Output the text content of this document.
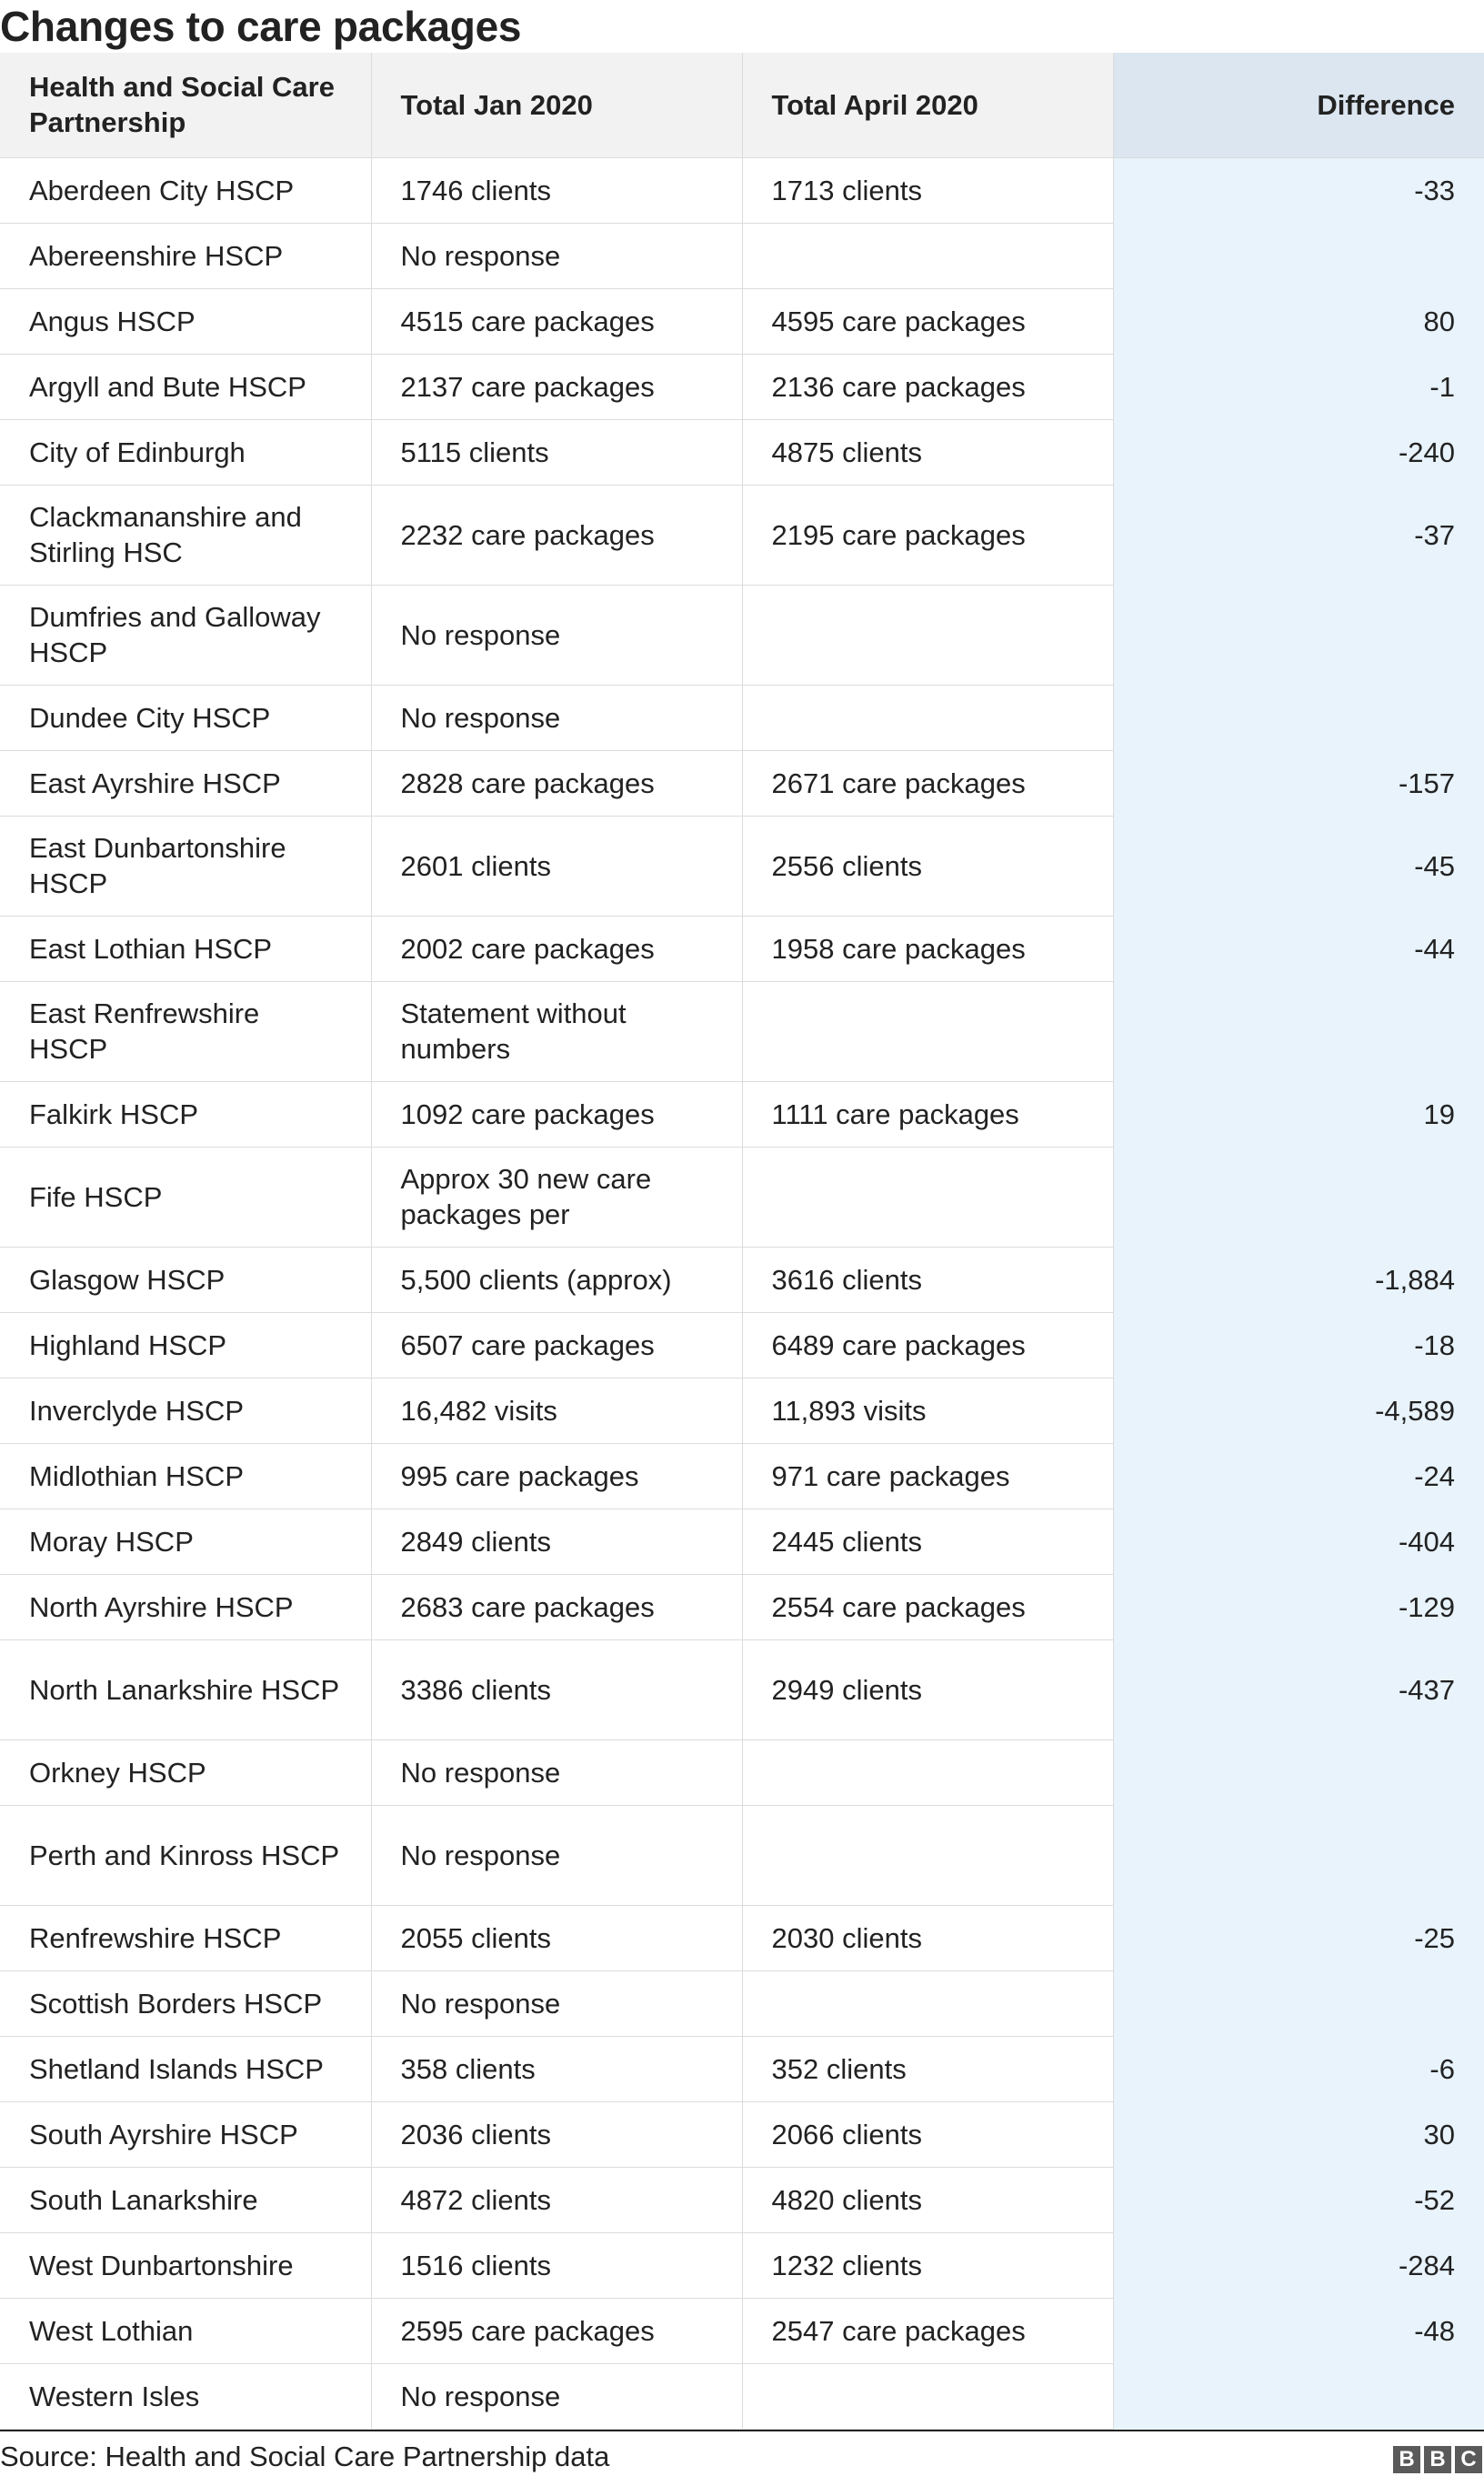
Changes to care packages
Health and Social Care Partnership	Total Jan 2020	Total April 2020	Difference
Aberdeen City HSCP	1746 clients	1713 clients	-33
Abereenshire HSCP	No response		
Angus HSCP	4515 care packages	4595 care packages	80
Argyll and Bute HSCP	2137 care packages	2136 care packages	-1
City of Edinburgh	5115 clients	4875 clients	-240
Clackmananshire and Stirling HSC	2232 care packages	2195 care packages	-37
Dumfries and Galloway HSCP	No response		
Dundee City HSCP	No response		
East Ayrshire HSCP	2828 care packages	2671 care packages	-157
East Dunbartonshire HSCP	2601 clients	2556 clients	-45
East Lothian HSCP	2002 care packages	1958 care packages	-44
East Renfrewshire HSCP	Statement without numbers		
Falkirk HSCP	1092 care packages	1111 care packages	19
Fife HSCP	Approx 30 new care packages per		
Glasgow HSCP	5,500 clients (approx)	3616 clients	-1,884
Highland HSCP	6507 care packages	6489 care packages	-18
Inverclyde HSCP	16,482 visits	11,893 visits	-4,589
Midlothian HSCP	995 care packages	971 care packages	-24
Moray HSCP	2849 clients	2445 clients	-404
North Ayrshire HSCP	2683 care packages	2554 care packages	-129
North Lanarkshire HSCP	3386 clients	2949 clients	-437
Orkney HSCP	No response		
Perth and Kinross HSCP	No response		
Renfrewshire HSCP	2055 clients	2030 clients	-25
Scottish Borders HSCP	No response		
Shetland Islands HSCP	358 clients	352 clients	-6
South Ayrshire HSCP	2036 clients	2066 clients	30
South Lanarkshire	4872 clients	4820 clients	-52
West Dunbartonshire	1516 clients	1232 clients	-284
West Lothian	2595 care packages	2547 care packages	-48
Western Isles	No response		
Source: Health and Social Care Partnership data	B B C
